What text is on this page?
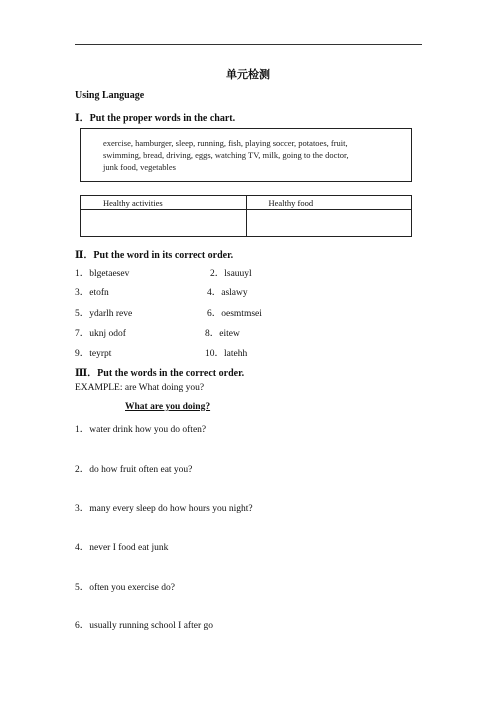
单元检测
Using Language
Ⅰ．Put the proper words in the chart.
exercise, hamburger, sleep, running, fish, playing soccer, potatoes, fruit,
swimming, bread, driving, eggs, watching TV, milk, going to the doctor,
junk food, vegetables
Healthy activities	Healthy food

Ⅱ．Put the word in its correct order.
1．blgetaesev	2．lsauuyl
3．etofn	4．aslawy
5．ydarlh reve	6．oesmtmsei
7．uknj odof	8．eitew
9．teyrpt	10．latehh
Ⅲ．Put the words in the correct order.
EXAMPLE: are What doing you?
What are you doing?
1．water drink how you do often?
2．do how fruit often eat you?
3．many every sleep do how hours you night?
4．never I food eat junk
5．often you exercise do?
6．usually running school I after go
